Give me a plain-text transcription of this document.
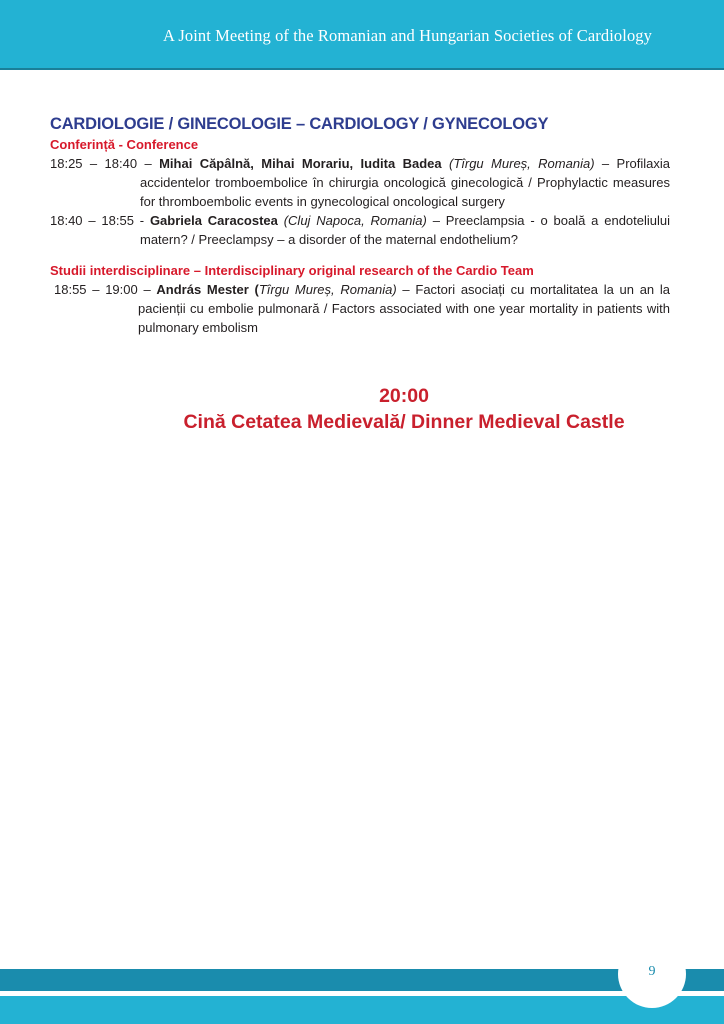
A Joint Meeting of the Romanian and Hungarian Societies of Cardiology
CARDIOLOGIE / GINECOLOGIE – CARDIOLOGY / GYNECOLOGY
Conferință - Conference

18:25 – 18:40 – Mihai Căpâlnă, Mihai Morariu, Iudita Badea (Tîrgu Mureș, Romania) – Profilaxia accidentelor tromboembolice în chirurgia oncologică ginecologică / Prophylactic measures for thromboembolic events in gynecological oncological surgery

18:40 – 18:55 - Gabriela Caracostea (Cluj Napoca, Romania) – Preeclampsia - o boală a endoteliului matern? / Preeclampsy – a disorder of the maternal endothelium?

Studii interdisciplinare – Interdisciplinary original research of the Cardio Team

18:55 – 19:00 – András Mester (Tîrgu Mureș, Romania) – Factori asociați cu mortalitatea la un an la pacienții cu embolie pulmonară / Factors associated with one year mortality in patients with pulmonary embolism

20:00
Cină Cetatea Medievală/ Dinner Medieval Castle
9
